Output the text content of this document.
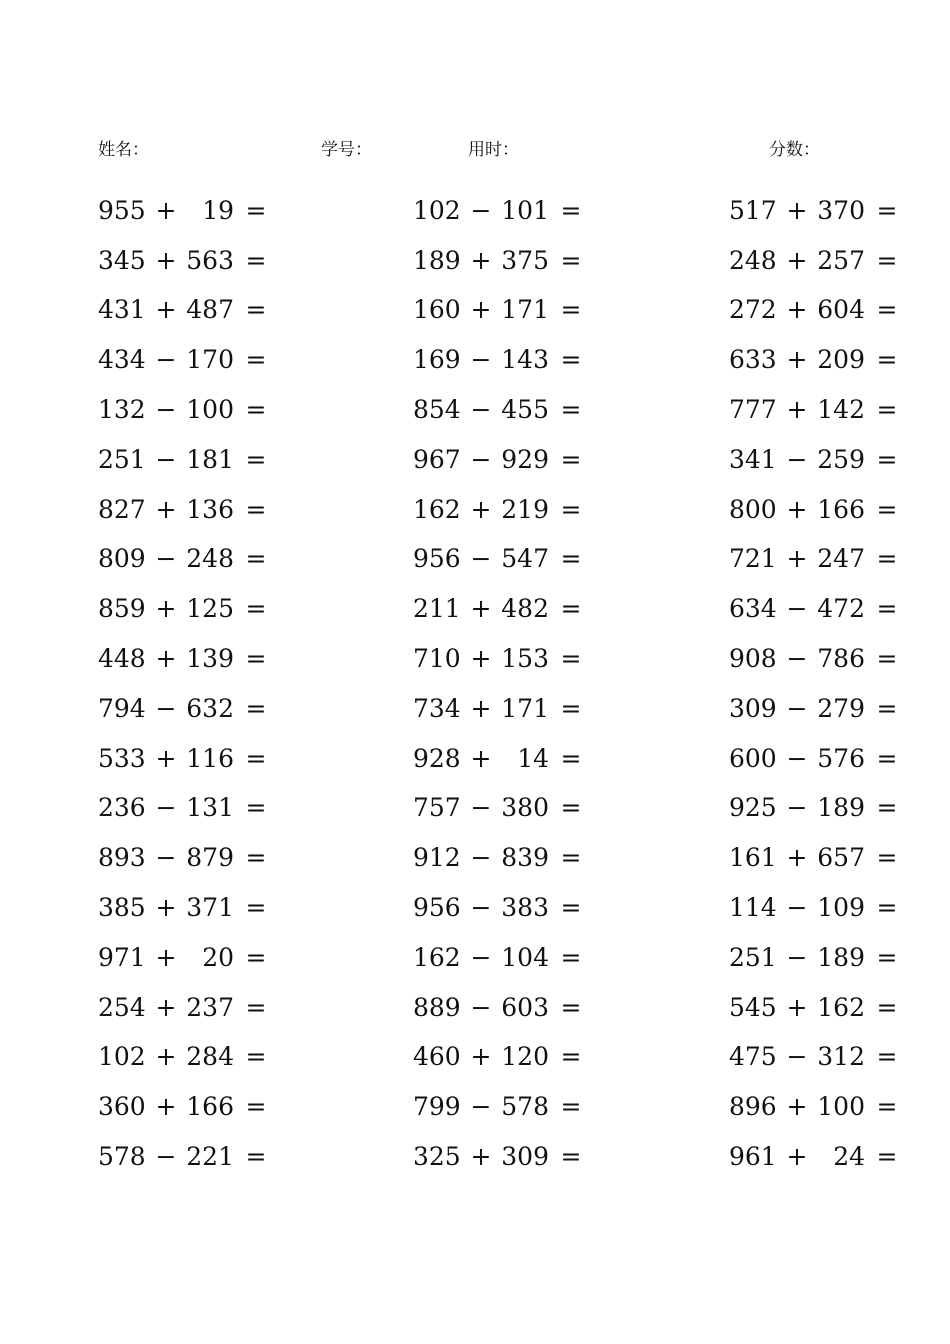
姓名：	学号：	用时：	分数：
955 +	19 =
345 + 563 =
431 + 487 =
434 − 170 =
132 − 100 =
251 − 181 =
827 + 136 =
809 − 248 =
859 + 125 =
448 + 139 =
794 − 632 =
533 + 116 =
236 − 131 =
893 − 879 =
385 + 371 =
971 +	20 =
254 + 237 =
102 + 284 =
360 + 166 =
578 − 221 =
102 − 101 =
189 + 375 =
160 + 171 =
169 − 143 =
854 − 455 =
967 − 929 =
162 + 219 =
956 − 547 =
211 + 482 =
710 + 153 =
734 + 171 =
928 +	14 =
757 − 380 =
912 − 839 =
956 − 383 =
162 − 104 =
889 − 603 =
460 + 120 =
799 − 578 =
325 + 309 =
517 + 370 =
248 + 257 =
272 + 604 =
633 + 209 =
777 + 142 =
341 − 259 =
800 + 166 =
721 + 247 =
634 − 472 =
908 − 786 =
309 − 279 =
600 − 576 =
925 − 189 =
161 + 657 =
114 − 109 =
251 − 189 =
545 + 162 =
475 − 312 =
896 + 100 =
961 +	24 =
